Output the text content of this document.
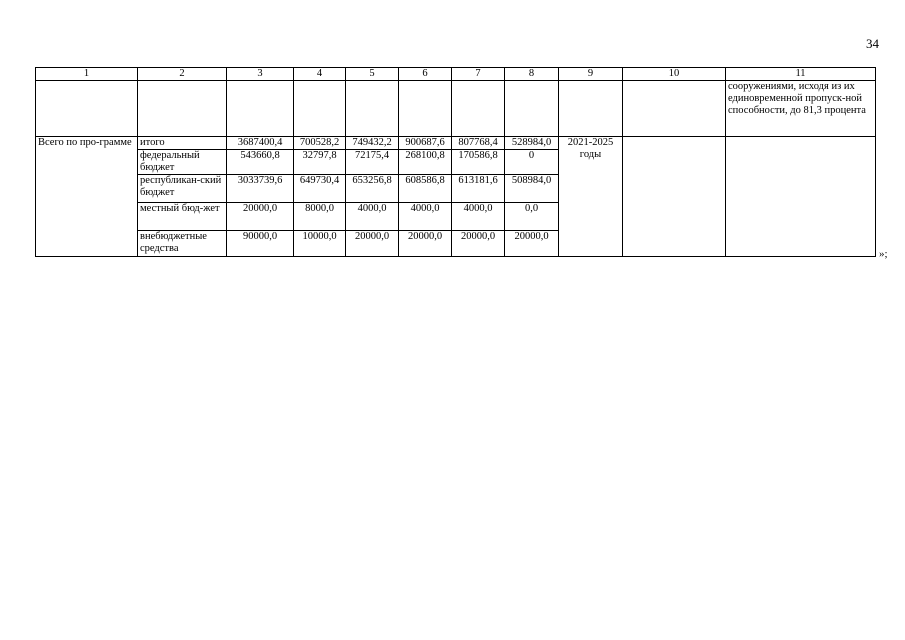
34
1	2	3	4	5	6	7	8	9	10	11
										сооружениями, исходя из их единовременной пропуск-ной способности, до 81,3 процента
Всего по про-грамме	итого	3687400,4	700528,2	749432,2	900687,6	807768,4	528984,0	2021-2025 годы		
	федеральный бюджет	543660,8	32797,8	72175,4	268100,8	170586,8	0			
	республикан-ский бюджет	3033739,6	649730,4	653256,8	608586,8	613181,6	508984,0			
	местный бюд-жет	20000,0	8000,0	4000,0	4000,0	4000,0	0,0			
	внебюджетные средства	90000,0	10000,0	20000,0	20000,0	20000,0	20000,0			
»;
